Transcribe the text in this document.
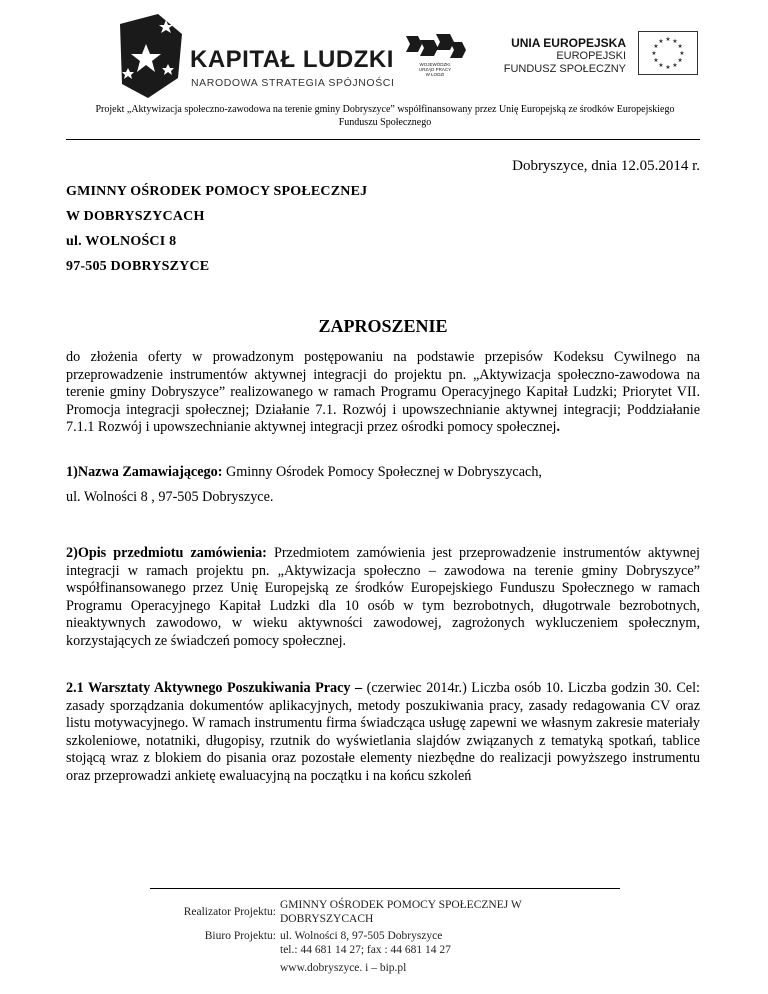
KAPITAŁ LUDZKI
NARODOWA STRATEGIA SPÓJNOŚCI
WOJEWÓDZKI
URZĄD PRACY
W ŁODZI
UNIA EUROPEJSKA
EUROPEJSKI
FUNDUSZ SPOŁECZNY
★
★
★
★
★
★
★
★
★ ★ ★
★
Projekt „Aktywizacja społeczno-zawodowa na terenie gminy Dobryszyce” współfinansowany przez Unię Europejską ze środków Europejskiego Funduszu Społecznego
Dobryszyce, dnia 12.05.2014 r.
GMINNY OŚRODEK POMOCY SPOŁECZNEJ
W DOBRYSZYCACH
ul. WOLNOŚCI 8
97-505 DOBRYSZYCE
ZAPROSZENIE
do złożenia oferty w prowadzonym postępowaniu na podstawie przepisów Kodeksu Cywilnego na przeprowadzenie instrumentów aktywnej integracji do projektu pn. „Aktywizacja społeczno-zawodowa na terenie gminy Dobryszyce” realizowanego w ramach Programu Operacyjnego Kapitał Ludzki; Priorytet VII. Promocja integracji społecznej; Działanie 7.1. Rozwój i upowszechnianie aktywnej integracji; Poddziałanie 7.1.1 Rozwój i upowszechnianie aktywnej integracji przez ośrodki pomocy społecznej.
1)Nazwa Zamawiającego: Gminny Ośrodek Pomocy Społecznej w Dobryszycach,
ul. Wolności 8 , 97-505 Dobryszyce.
2)Opis przedmiotu zamówienia: Przedmiotem zamówienia jest przeprowadzenie instrumentów aktywnej integracji w ramach projektu pn. „Aktywizacja społeczno – zawodowa na terenie gminy Dobryszyce” współfinansowanego przez Unię Europejską ze środków Europejskiego Funduszu Społecznego w ramach Programu Operacyjnego Kapitał Ludzki dla 10 osób w tym bezrobotnych, długotrwale bezrobotnych, nieaktywnych zawodowo, w wieku aktywności zawodowej, zagrożonych wykluczeniem społecznym, korzystających ze świadczeń pomocy społecznej.
2.1 Warsztaty Aktywnego Poszukiwania Pracy – (czerwiec 2014r.) Liczba osób 10. Liczba godzin 30. Cel: zasady sporządzania dokumentów aplikacyjnych, metody poszukiwania pracy, zasady redagowania CV oraz listu motywacyjnego. W ramach instrumentu firma świadcząca usługę zapewni we własnym zakresie materiały szkoleniowe, notatniki, długopisy, rzutnik do wyświetlania slajdów związanych z tematyką spotkań, tablice stojącą wraz z blokiem do pisania oraz pozostałe elementy niezbędne do realizacji powyższego instrumentu oraz przeprowadzi ankietę ewaluacyjną na początku i na końcu szkoleń
Realizator Projektu:
GMINNY OŚRODEK POMOCY SPOŁECZNEJ W
DOBRYSZYCACH
Biuro Projektu: ul. Wolności 8, 97-505 Dobryszyce
tel.: 44 681 14 27; fax : 44 681 14 27
www.dobryszyce. i – bip.pl
